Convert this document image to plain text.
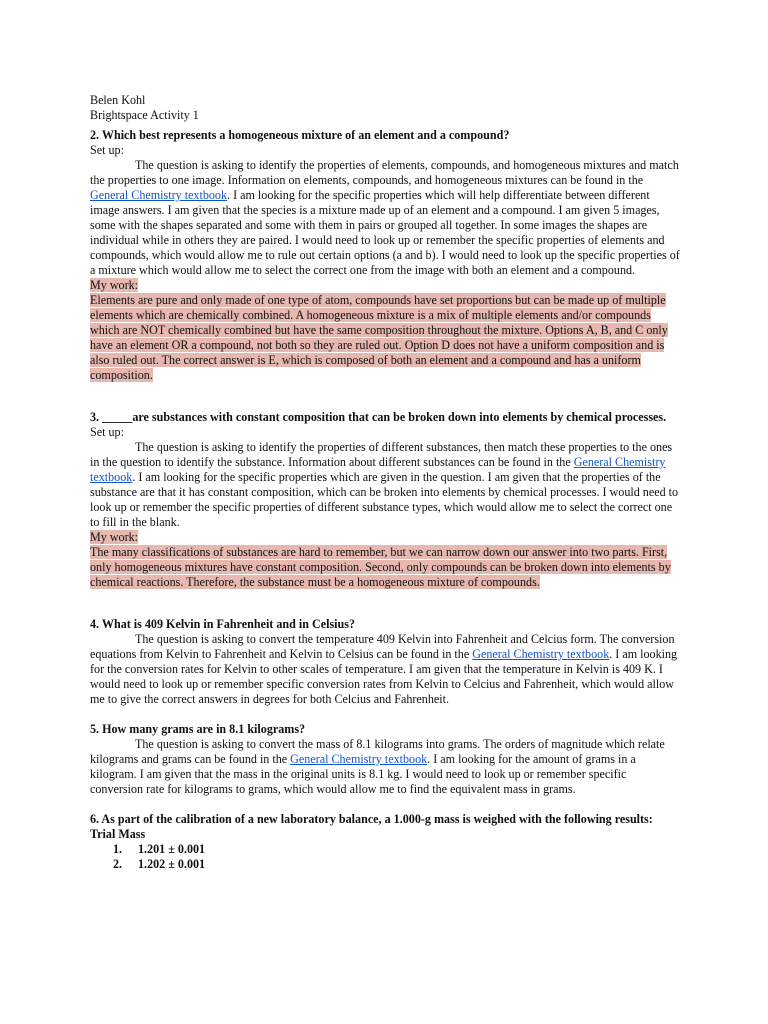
Belen Kohl
Brightspace Activity 1
2. Which best represents a homogeneous mixture of an element and a compound?
Set up:

The question is asking to identify the properties of elements, compounds, and homogeneous mixtures and match the properties to one image. Information on elements, compounds, and homogeneous mixtures can be found in the General Chemistry textbook. I am looking for the specific properties which will help differentiate between different image answers. I am given that the species is a mixture made up of an element and a compound. I am given 5 images, some with the shapes separated and some with them in pairs or grouped all together. In some images the shapes are individual while in others they are paired. I would need to look up or remember the specific properties of elements and compounds, which would allow me to rule out certain options (a and b). I would need to look up the specific properties of a mixture which would allow me to select the correct one from the image with both an element and a compound.

My work:

Elements are pure and only made of one type of atom, compounds have set proportions but can be made up of multiple elements which are chemically combined. A homogeneous mixture is a mix of multiple elements and/or compounds which are NOT chemically combined but have the same composition throughout the mixture. Options A, B, and C only have an element OR a compound, not both so they are ruled out. Option D does not have a uniform composition and is also ruled out. The correct answer is E, which is composed of both an element and a compound and has a uniform composition.

3. _____are substances with constant composition that can be broken down into elements by chemical processes.
Set up:

The question is asking to identify the properties of different substances, then match these properties to the ones in the question to identify the substance. Information about different substances can be found in the General Chemistry textbook. I am looking for the specific properties which are given in the question. I am given that the properties of the substance are that it has constant composition, which can be broken into elements by chemical processes. I would need to look up or remember the specific properties of different substance types, which would allow me to select the correct one to fill in the blank.

My work:

The many classifications of substances are hard to remember, but we can narrow down our answer into two parts. First, only homogeneous mixtures have constant composition. Second, only compounds can be broken down into elements by chemical reactions. Therefore, the substance must be a homogeneous mixture of compounds.

4. What is 409 Kelvin in Fahrenheit and in Celsius?

The question is asking to convert the temperature 409 Kelvin into Fahrenheit and Celcius form. The conversion equations from Kelvin to Fahrenheit and Kelvin to Celsius can be found in the General Chemistry textbook. I am looking for the conversion rates for Kelvin to other scales of temperature. I am given that the temperature in Kelvin is 409 K. I would need to look up or remember specific conversion rates from Kelvin to Celcius and Fahrenheit, which would allow me to give the correct answers in degrees for both Celcius and Fahrenheit.

5. How many grams are in 8.1 kilograms?

The question is asking to convert the mass of 8.1 kilograms into grams. The orders of magnitude which relate kilograms and grams can be found in the General Chemistry textbook. I am looking for the amount of grams in a kilogram. I am given that the mass in the original units is 8.1 kg. I would need to look up or remember specific conversion rate for kilograms to grams, which would allow me to find the equivalent mass in grams.

6. As part of the calibration of a new laboratory balance, a 1.000-g mass is weighed with the following results:
Trial Mass
1. 1.201 ± 0.001
2. 1.202 ± 0.001
